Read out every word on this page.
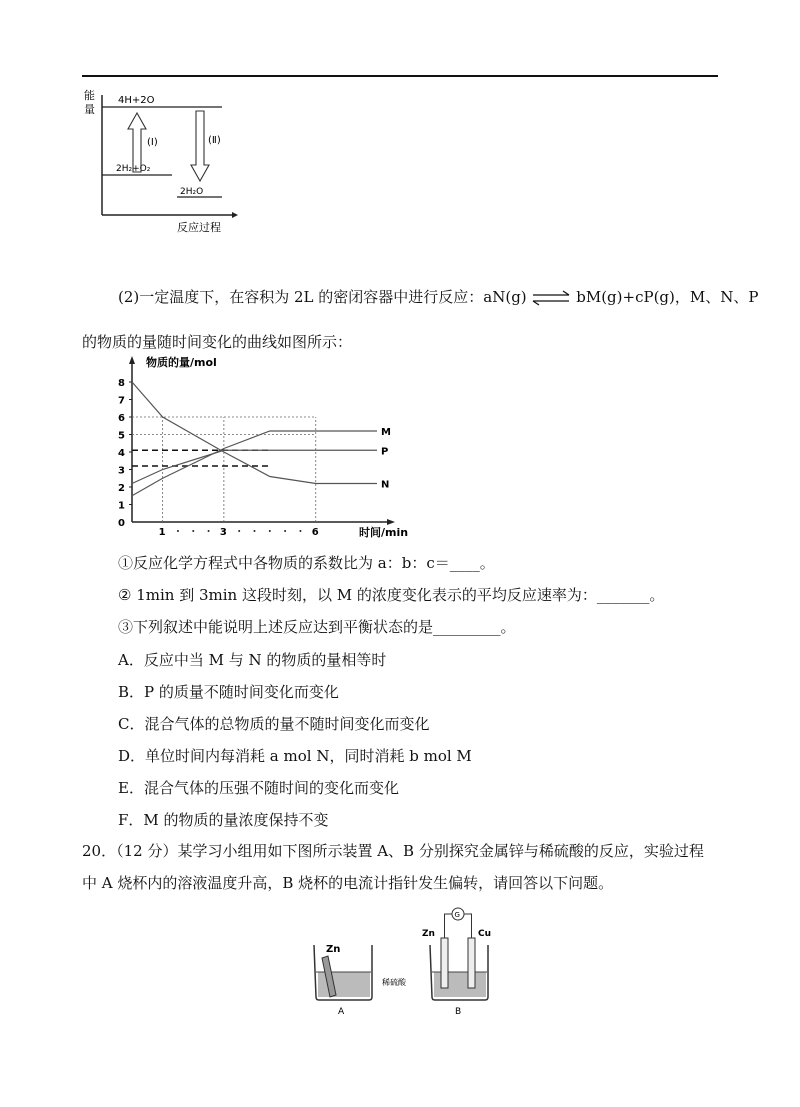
能
量
4H+2O
2H₂+O₂
2H₂O
(Ⅰ)	(Ⅱ)
反应过程
(2)一定温度下，在容积为 2L 的密闭容器中进行反应：aN(g) ⇌ bM(g)+cP(g)，M、N、P
的物质的量随时间变化的曲线如图所示：
物质的量/mol
0
1
2
3
4
5
6
7
8
1	3	6	时间/min
M
P
N
①反应化学方程式中各物质的系数比为 a：b：c＝____。
② 1min 到 3min 这段时刻，以 M 的浓度变化表示的平均反应速率为：_______。
③下列叙述中能说明上述反应达到平衡状态的是_________。
A．反应中当 M 与 N 的物质的量相等时
B．P 的质量不随时间变化而变化
C．混合气体的总物质的量不随时间变化而变化
D．单位时间内每消耗 a mol N，同时消耗 b mol M
E．混合气体的压强不随时间的变化而变化
F．M 的物质的量浓度保持不变
20．（12 分）某学习小组用如下图所示装置 A、B 分别探究金属锌与稀硫酸的反应，实验过程
中 A 烧杯内的溶液温度升高，B 烧杯的电流计指针发生偏转，请回答以下问题。
Zn
A
稀硫酸
G
Zn	Cu
B
